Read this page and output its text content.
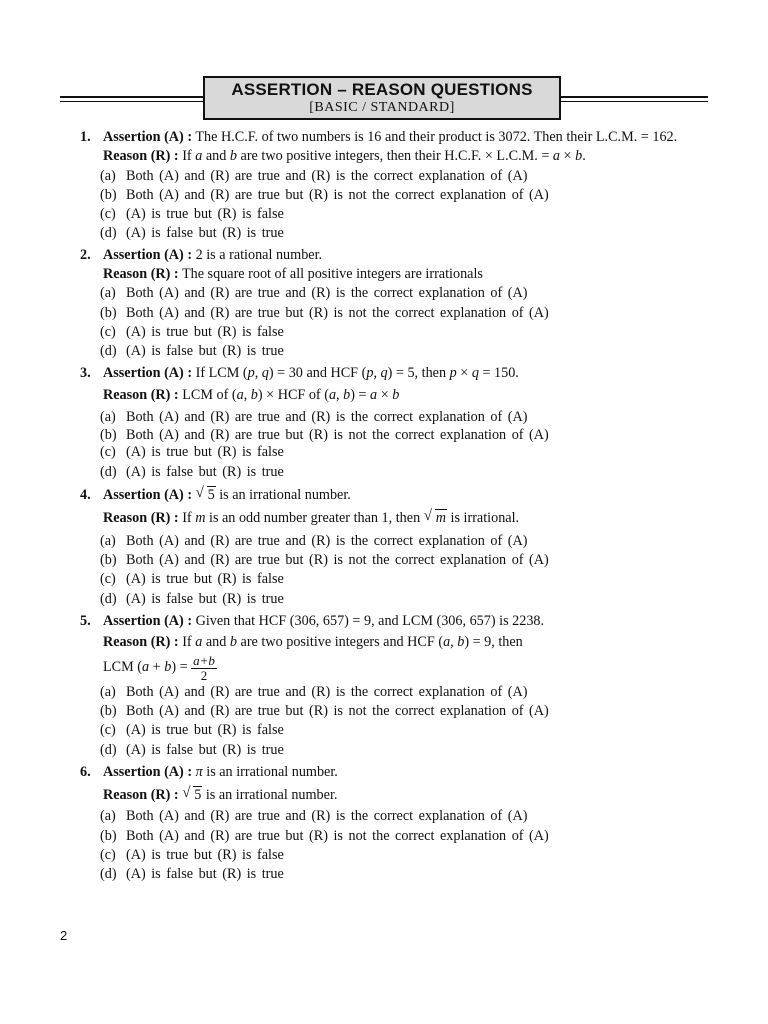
ASSERTION – REASON QUESTIONS
[BASIC / STANDARD]
1. Assertion (A) : The H.C.F. of two numbers is 16 and their product is 3072. Then their L.C.M. = 162.
Reason (R) : If a and b are two positive integers, then their H.C.F. × L.C.M. = a × b.
(a) Both (A) and (R) are true and (R) is the correct explanation of (A)
(b) Both (A) and (R) are true but (R) is not the correct explanation of (A)
(c) (A) is true but (R) is false
(d) (A) is false but (R) is true
2. Assertion (A) : 2 is a rational number.
Reason (R) : The square root of all positive integers are irrationals
(a) Both (A) and (R) are true and (R) is the correct explanation of (A)
(b) Both (A) and (R) are true but (R) is not the correct explanation of (A)
(c) (A) is true but (R) is false
(d) (A) is false but (R) is true
3. Assertion (A) : If LCM (p, q) = 30 and HCF (p, q) = 5, then p × q = 150.
Reason (R) : LCM of (a, b) × HCF of (a, b) = a × b
(a) Both (A) and (R) are true and (R) is the correct explanation of (A)
(b) Both (A) and (R) are true but (R) is not the correct explanation of (A)
(c) (A) is true but (R) is false
(d) (A) is false but (R) is true
4. Assertion (A) : √ 5 is an irrational number.
Reason (R) : If m is an odd number greater than 1, then √ m is irrational.
(a) Both (A) and (R) are true and (R) is the correct explanation of (A)
(b) Both (A) and (R) are true but (R) is not the correct explanation of (A)
(c) (A) is true but (R) is false
(d) (A) is false but (R) is true
5. Assertion (A) : Given that HCF (306, 657) = 9, and LCM (306, 657) is 2238.
Reason (R) : If a and b are two positive integers and HCF (a, b) = 9, then
LCM $(a + b) = \frac{a+b}{2}$
(a) Both (A) and (R) are true and (R) is the correct explanation of (A)
(b) Both (A) and (R) are true but (R) is not the correct explanation of (A)
(c) (A) is true but (R) is false
(d) (A) is false but (R) is true
6. Assertion (A) : π is an irrational number.
Reason (R) : √ 5 is an irrational number.
(a) Both (A) and (R) are true and (R) is the correct explanation of (A)
(b) Both (A) and (R) are true but (R) is not the correct explanation of (A)
(c) (A) is true but (R) is false
(d) (A) is false but (R) is true
2
